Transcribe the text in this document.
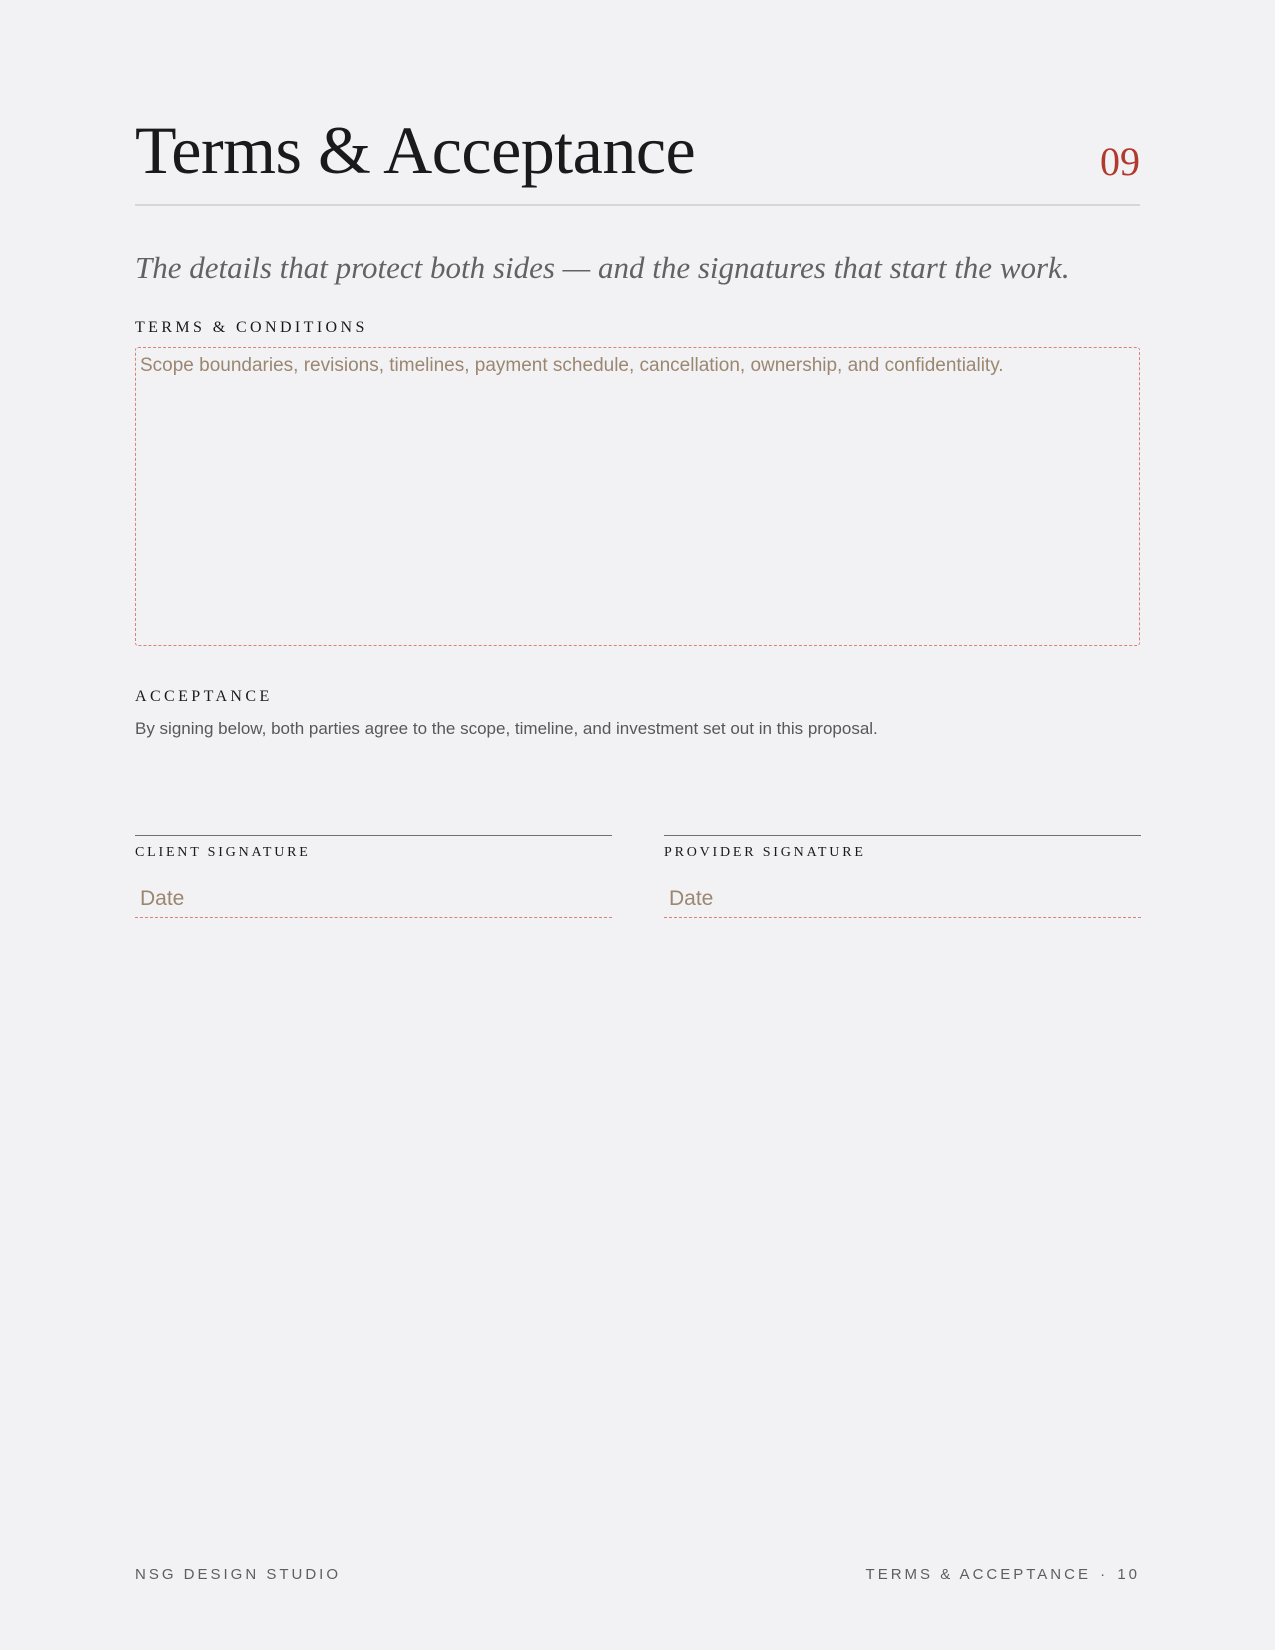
Terms & Acceptance	09

The details that protect both sides — and the signatures that start the work.

TERMS & CONDITIONS
Scope boundaries, revisions, timelines, payment schedule, cancellation, ownership, and confidentiality.
ACCEPTANCE

By signing below, both parties agree to the scope, timeline, and investment set out in this proposal.

CLIENT SIGNATURE
Date
PROVIDER SIGNATURE
Date
NSG DESIGN STUDIO	TERMS & ACCEPTANCE · 10
